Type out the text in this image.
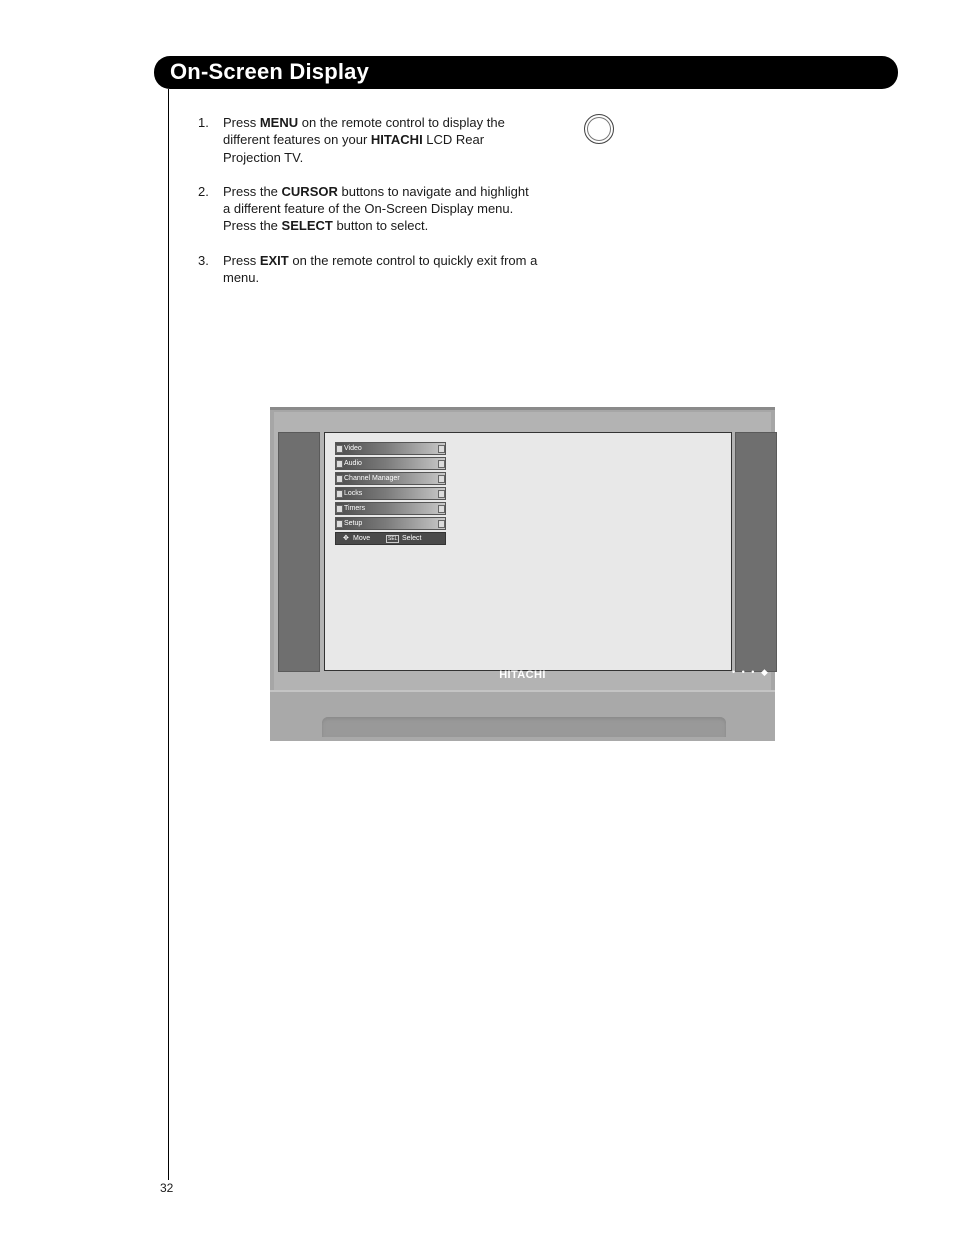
On-Screen Display
1. Press MENU on the remote control to display the different features on your HITACHI LCD Rear Projection TV.
2. Press the CURSOR buttons to navigate and highlight a different feature of the On-Screen Display menu. Press the SELECT button to select.
3. Press EXIT on the remote control to quickly exit from a menu.
Video
Audio
Channel Manager
Locks
Timers
Setup
✥ Move	SEL Select
HITACHI	• • • ◆
32
